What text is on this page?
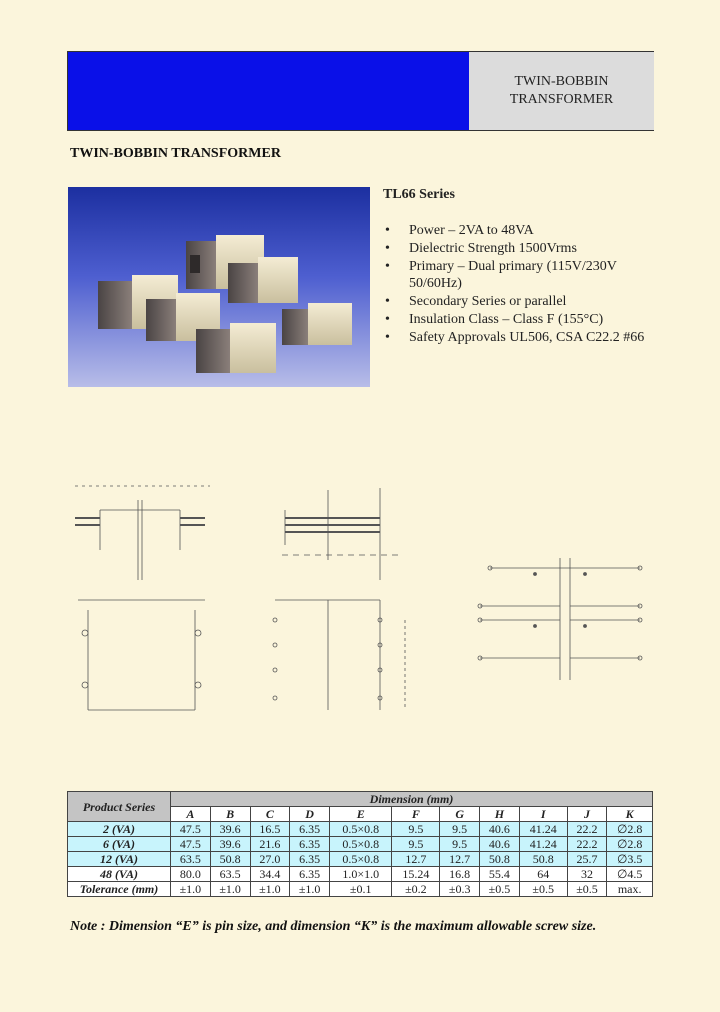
TWIN-BOBBIN
TRANSFORMER
TWIN-BOBBIN TRANSFORMER
TL66 Series
• Power – 2VA to 48VA
• Dielectric Strength 1500Vrms
• Primary – Dual primary (115V/230V 50/60Hz)
• Secondary Series or parallel
• Insulation Class – Class F (155°C)
• Safety Approvals UL506, CSA C22.2 #66
Product Series	Dimension (mm)										
	A	B	C	D	E	F	G	H	I	J	K
2 (VA)	47.5	39.6	16.5	6.35	0.5×0.8	9.5	9.5	40.6	41.24	22.2	∅2.8
6 (VA)	47.5	39.6	21.6	6.35	0.5×0.8	9.5	9.5	40.6	41.24	22.2	∅2.8
12 (VA)	63.5	50.8	27.0	6.35	0.5×0.8	12.7	12.7	50.8	50.8	25.7	∅3.5
48 (VA)	80.0	63.5	34.4	6.35	1.0×1.0	15.24	16.8	55.4	64	32	∅4.5
Tolerance (mm)	±1.0	±1.0	±1.0	±1.0	±0.1	±0.2	±0.3	±0.5	±0.5	±0.5	max.
Note : Dimension “E” is pin size, and dimension “K” is the maximum allowable screw size.
